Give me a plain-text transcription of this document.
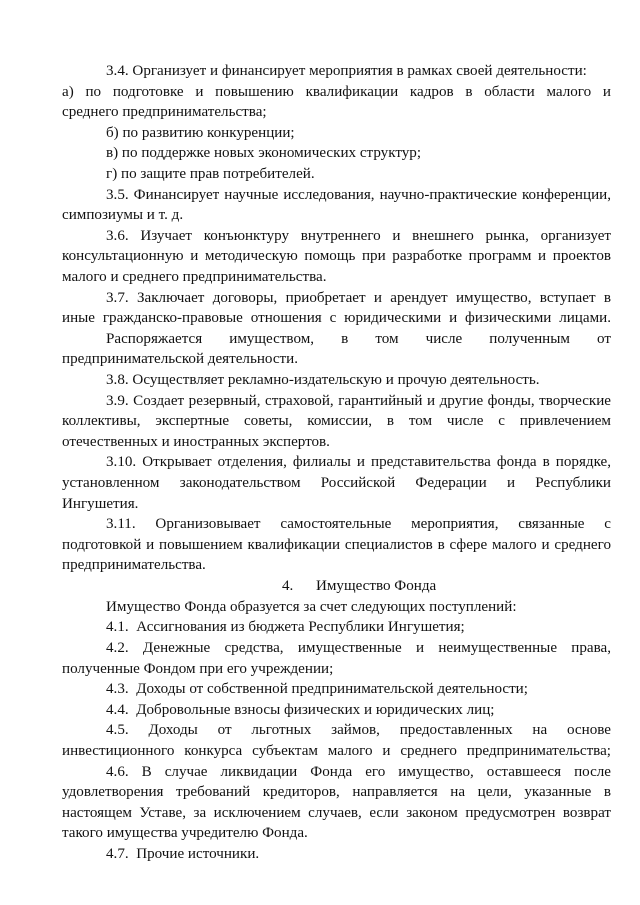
3.4. Организует и финансирует мероприятия в рамках своей деятельности:
а) по подготовке и повышению квалификации кадров в области малого и
среднего предпринимательства;
б) по развитию конкуренции;
в) по поддержке новых экономических структур;
г) по защите прав потребителей.
3.5. Финансирует научные исследования, научно-практические конференции,
симпозиумы и т. д.
3.6. Изучает конъюнктуру внутреннего и внешнего рынка, организует
консультационную и методическую помощь при разработке программ и проектов
малого и среднего предпринимательства.
3.7. Заключает договоры, приобретает и арендует имущество, вступает в
иные гражданско-правовые отношения с юридическими и физическими лицами.
Распоряжается имуществом, в том числе полученным от
предпринимательской деятельности.
3.8. Осуществляет рекламно-издательскую и прочую деятельность.
3.9. Создает резервный, страховой, гарантийный и другие фонды, творческие
коллективы, экспертные советы, комиссии, в том числе с привлечением
отечественных и иностранных экспертов.
3.10. Открывает отделения, филиалы и представительства фонда в порядке,
установленном законодательством Российской Федерации и Республики
Ингушетия.
3.11. Организовывает самостоятельные мероприятия, связанные с
подготовкой и повышением квалификации специалистов в сфере малого и среднего
предпринимательства.
4.      Имущество Фонда
Имущество Фонда образуется за счет следующих поступлений:
4.1.  Ассигнования из бюджета Республики Ингушетия;
4.2. Денежные средства, имущественные и неимущественные права,
полученные Фондом при его учреждении;
4.3.  Доходы от собственной предпринимательской деятельности;
4.4.  Добровольные взносы физических и юридических лиц;
4.5. Доходы от льготных займов, предоставленных на основе
инвестиционного конкурса субъектам малого и среднего предпринимательства;
4.6. В случае ликвидации Фонда его имущество, оставшееся после
удовлетворения требований кредиторов, направляется на цели, указанные в
настоящем Уставе, за исключением случаев, если законом предусмотрен возврат
такого имущества учредителю Фонда.
4.7.  Прочие источники.
